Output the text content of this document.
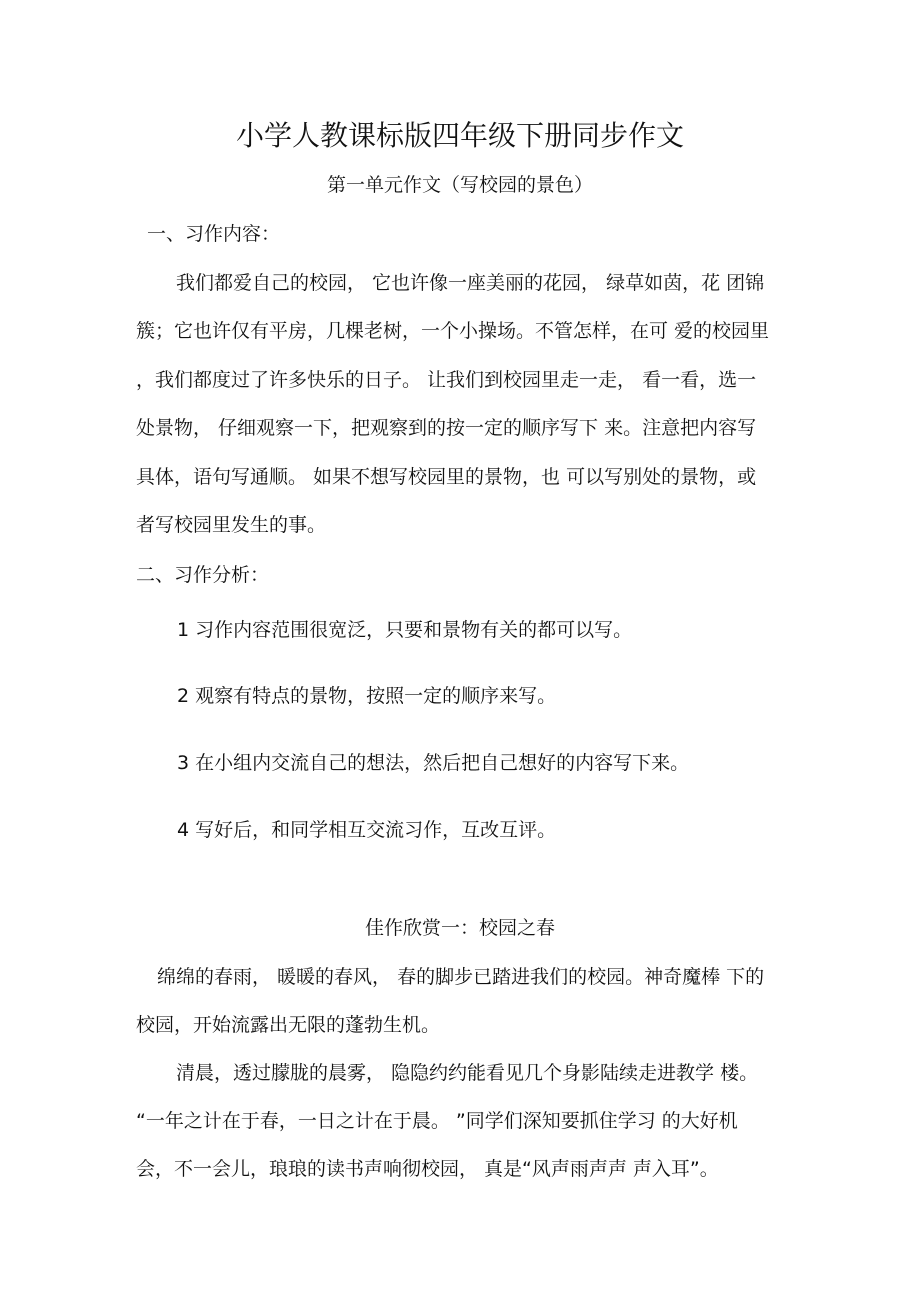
小学人教课标版四年级下册同步作文

第一单元作文（写校园的景色）

一、习作内容：

我们都爱自己的校园， 它也许像一座美丽的花园， 绿草如茵，花 团锦

簇；它也许仅有平房，几棵老树，一个小操场。不管怎样，在可 爱的校园里

，我们都度过了许多快乐的日子。 让我们到校园里走一走， 看一看，选一

处景物， 仔细观察一下，把观察到的按一定的顺序写下 来。注意把内容写

具体，语句写通顺。 如果不想写校园里的景物，也 可以写别处的景物，或

者写校园里发生的事。

二、习作分析：

1 习作内容范围很宽泛，只要和景物有关的都可以写。

2 观察有特点的景物，按照一定的顺序来写。

3 在小组内交流自己的想法，然后把自己想好的内容写下来。

4 写好后，和同学相互交流习作，互改互评。

佳作欣赏一：校园之春

绵绵的春雨， 暖暖的春风， 春的脚步已踏进我们的校园。神奇魔棒 下的

校园，开始流露出无限的蓬勃生机。

清晨，透过朦胧的晨雾， 隐隐约约能看见几个身影陆续走进教学 楼。

“一年之计在于春，一日之计在于晨。 ”同学们深知要抓住学习 的大好机

会，不一会儿，琅琅的读书声响彻校园， 真是“风声雨声声 声入耳”。
